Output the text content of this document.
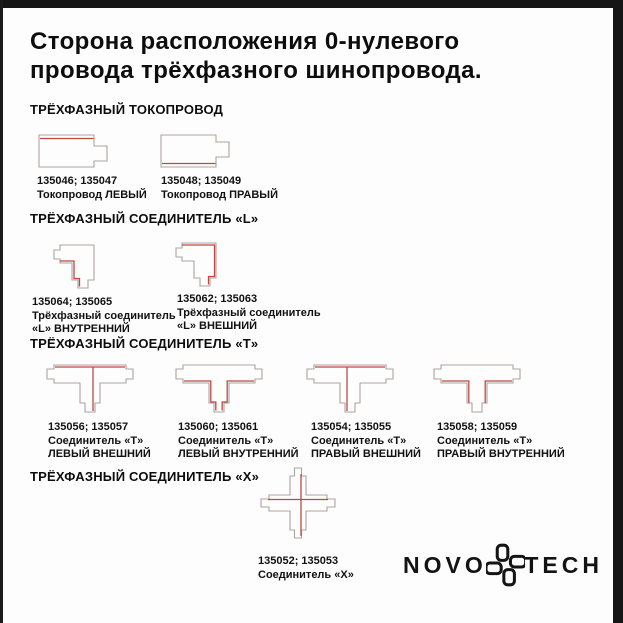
Сторона расположения 0-нулевого
провода трёхфазного шинопровода.
ТРЁХФАЗНЫЙ ТОКОПРОВОД
135046; 135047
Токопровод ЛЕВЫЙ
135048; 135049
Токопровод ПРАВЫЙ
ТРЁХФАЗНЫЙ СОЕДИНИТЕЛЬ «L»
135064; 135065
Трёхфазный соединитель
«L» ВНУТРЕННИЙ
135062; 135063
Трёхфазный соединитель
«L» ВНЕШНИЙ
ТРЁХФАЗНЫЙ СОЕДИНИТЕЛЬ «Т»
135056; 135057
Соединитель «Т»
ЛЕВЫЙ ВНЕШНИЙ
135060; 135061
Соединитель «Т»
ЛЕВЫЙ ВНУТРЕННИЙ
135054; 135055
Соединитель «Т»
ПРАВЫЙ ВНЕШНИЙ
135058; 135059
Соединитель «Т»
ПРАВЫЙ ВНУТРЕННИЙ
ТРЁХФАЗНЫЙ СОЕДИНИТЕЛЬ «Х»
135052; 135053
Соединитель «Х» NOVO TECH
